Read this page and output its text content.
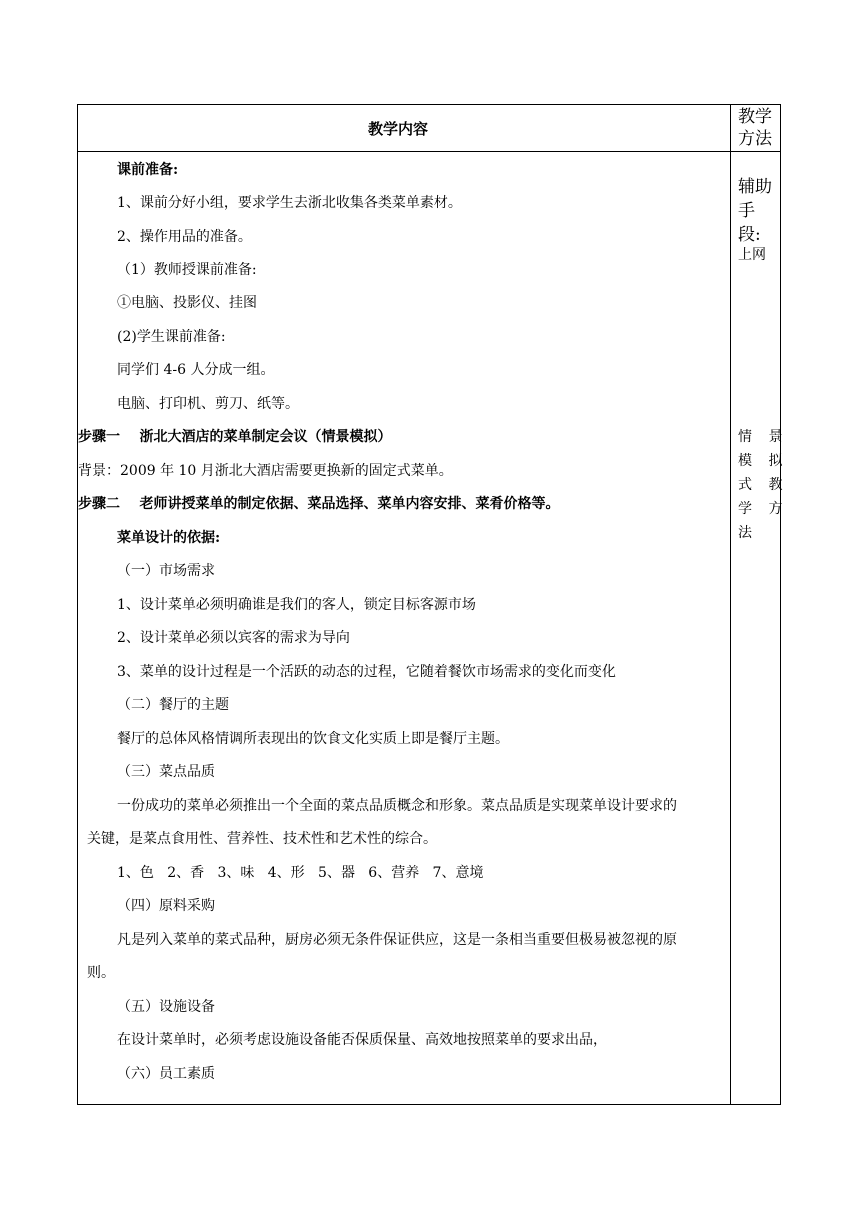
教学内容
教学
方法
辅助
手
段:
上网
情 景
模 拟
式 教
学 方
法
课前准备:
1、课前分好小组，要求学生去浙北收集各类菜单素材。
2、操作用品的准备。
（1）教师授课前准备:
①电脑、投影仪、挂图
(2)学生课前准备:
同学们 4-6 人分成一组。
电脑、打印机、剪刀、纸等。
步骤一    浙北大酒店的菜单制定会议（情景模拟）
背景：2009 年 10 月浙北大酒店需要更换新的固定式菜单。
步骤二    老师讲授菜单的制定依据、菜品选择、菜单内容安排、菜肴价格等。
菜单设计的依据:
（一）市场需求
1、设计菜单必须明确谁是我们的客人，锁定目标客源市场
2、设计菜单必须以宾客的需求为导向
3、菜单的设计过程是一个活跃的动态的过程，它随着餐饮市场需求的变化而变化
（二）餐厅的主题
餐厅的总体风格情调所表现出的饮食文化实质上即是餐厅主题。
（三）菜点品质
一份成功的菜单必须推出一个全面的菜点品质概念和形象。菜点品质是实现菜单设计要求的
关键，是菜点食用性、营养性、技术性和艺术性的综合。
1、色   2、香   3、味   4、形   5、器   6、营养   7、意境
（四）原料采购
凡是列入菜单的菜式品种，厨房必须无条件保证供应，这是一条相当重要但极易被忽视的原
则。
（五）设施设备
在设计菜单时，必须考虑设施设备能否保质保量、高效地按照菜单的要求出品，
（六）员工素质
